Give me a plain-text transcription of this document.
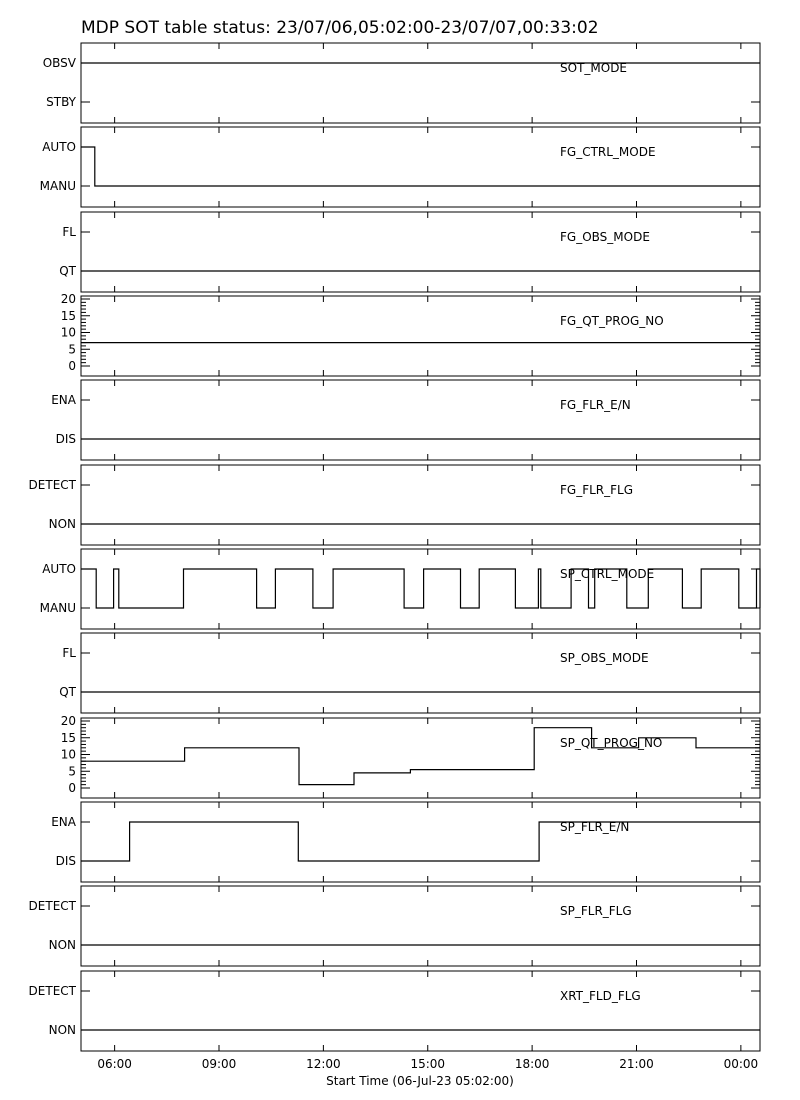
MDP SOT table status: 23/07/06,05:02:00-23/07/07,00:33:02
OBSV
STBY
SOT_MODE
AUTO
MANU
FG_CTRL_MODE
FL
QT
FG_OBS_MODE
0
5
10
15
20
FG_QT_PROG_NO
ENA
DIS
FG_FLR_E/N
DETECT
NON
FG_FLR_FLG
AUTO
MANU
SP_CTRL_MODE
FL
QT
SP_OBS_MODE
0
5
10
15
20
SP_QT_PROG_NO
ENA
DIS
SP_FLR_E/N
DETECT
NON
SP_FLR_FLG
DETECT
NON
XRT_FLD_FLG
06:00	09:00	12:00	15:00	18:00	21:00	00:00
Start Time (06-Jul-23 05:02:00)
